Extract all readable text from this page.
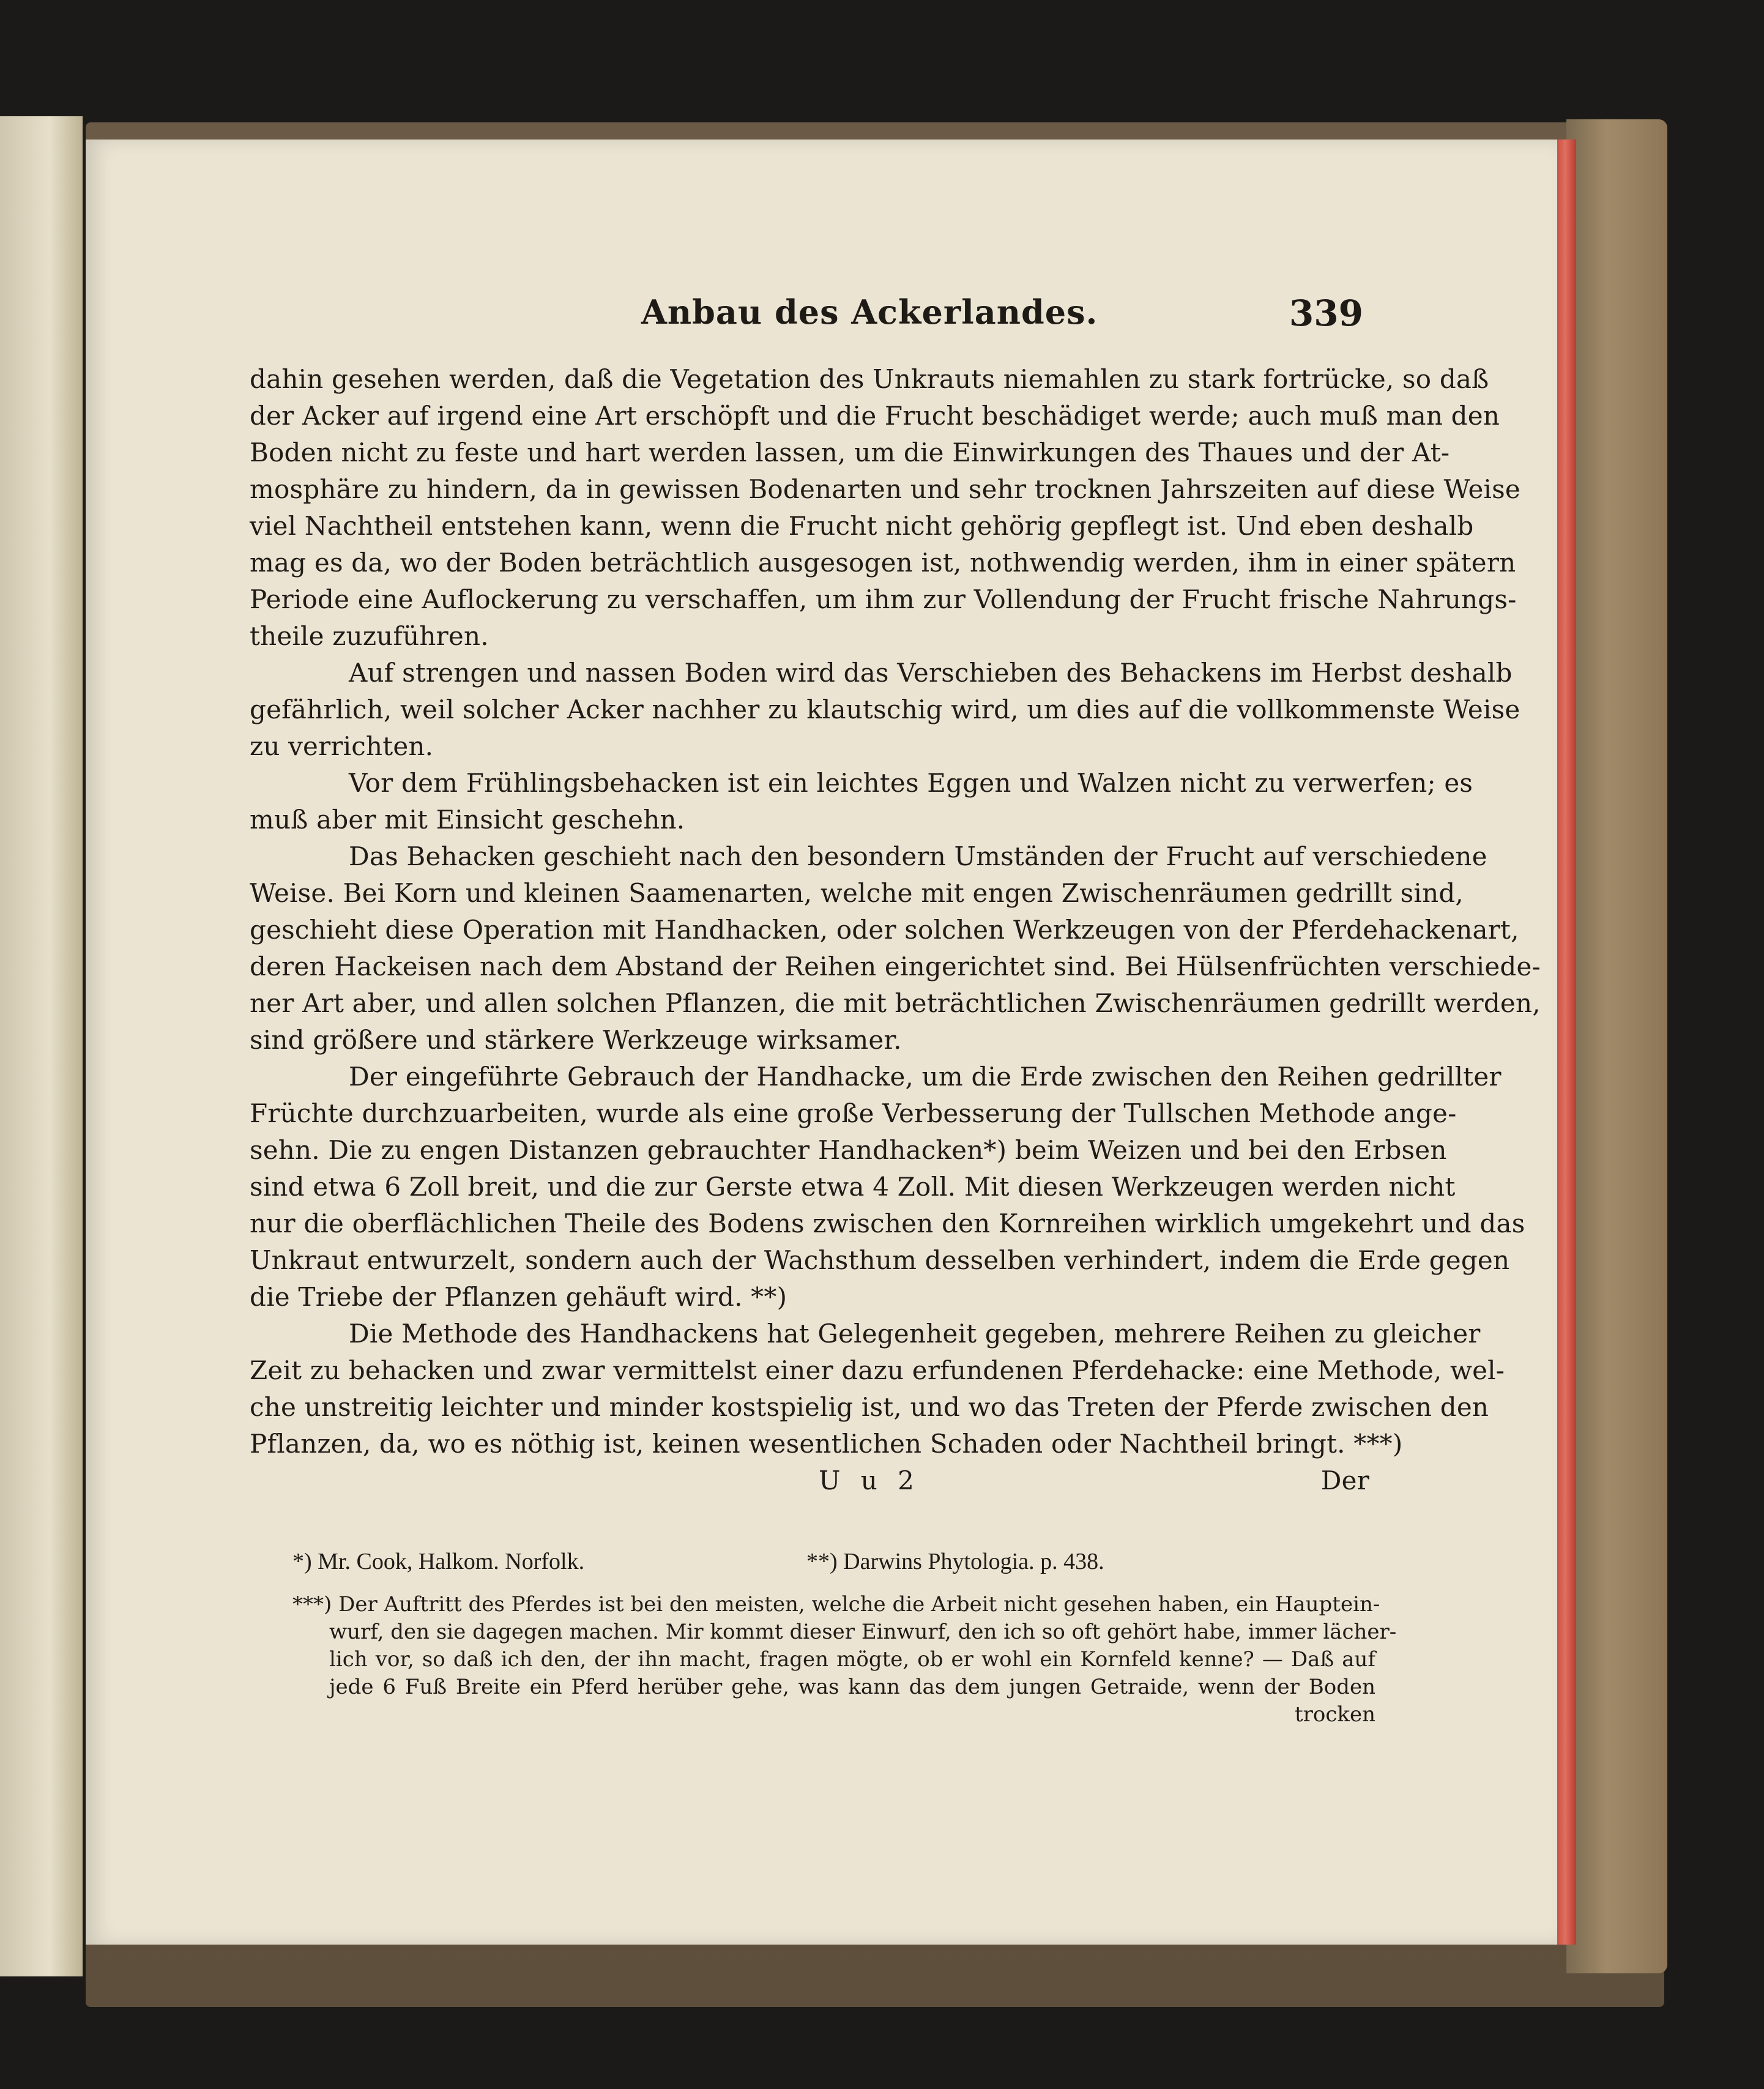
Anbau des Ackerlandes.	339
dahin gesehen werden, daß die Vegetation des Unkrauts niemahlen zu stark fortrücke, so daß
der Acker auf irgend eine Art erschöpft und die Frucht beschädiget werde; auch muß man den
Boden nicht zu feste und hart werden lassen, um die Einwirkungen des Thaues und der At-
mosphäre zu hindern, da in gewissen Bodenarten und sehr trocknen Jahrszeiten auf diese Weise
viel Nachtheil entstehen kann, wenn die Frucht nicht gehörig gepflegt ist. Und eben deshalb
mag es da, wo der Boden beträchtlich ausgesogen ist, nothwendig werden, ihm in einer spätern
Periode eine Auflockerung zu verschaffen, um ihm zur Vollendung der Frucht frische Nahrungs-
theile zuzuführen.
Auf strengen und nassen Boden wird das Verschieben des Behackens im Herbst deshalb
gefährlich, weil solcher Acker nachher zu klautschig wird, um dies auf die vollkommenste Weise
zu verrichten.
Vor dem Frühlingsbehacken ist ein leichtes Eggen und Walzen nicht zu verwerfen; es
muß aber mit Einsicht geschehn.
Das Behacken geschieht nach den besondern Umständen der Frucht auf verschiedene
Weise. Bei Korn und kleinen Saamenarten, welche mit engen Zwischenräumen gedrillt sind,
geschieht diese Operation mit Handhacken, oder solchen Werkzeugen von der Pferdehackenart,
deren Hackeisen nach dem Abstand der Reihen eingerichtet sind. Bei Hülsenfrüchten verschiede-
ner Art aber, und allen solchen Pflanzen, die mit beträchtlichen Zwischenräumen gedrillt werden,
sind größere und stärkere Werkzeuge wirksamer.
Der eingeführte Gebrauch der Handhacke, um die Erde zwischen den Reihen gedrillter
Früchte durchzuarbeiten, wurde als eine große Verbesserung der Tullschen Methode ange-
sehn. Die zu engen Distanzen gebrauchter Handhacken*) beim Weizen und bei den Erbsen
sind etwa 6 Zoll breit, und die zur Gerste etwa 4 Zoll. Mit diesen Werkzeugen werden nicht
nur die oberflächlichen Theile des Bodens zwischen den Kornreihen wirklich umgekehrt und das
Unkraut entwurzelt, sondern auch der Wachsthum desselben verhindert, indem die Erde gegen
die Triebe der Pflanzen gehäuft wird. **)
Die Methode des Handhackens hat Gelegenheit gegeben, mehrere Reihen zu gleicher
Zeit zu behacken und zwar vermittelst einer dazu erfundenen Pferdehacke: eine Methode, wel-
che unstreitig leichter und minder kostspielig ist, und wo das Treten der Pferde zwischen den
Pflanzen, da, wo es nöthig ist, keinen wesentlichen Schaden oder Nachtheil bringt. ***)
U u 2	Der
*) Mr. Cook, Halkom. Norfolk.	**) Darwins Phytologia. p. 438.
***) Der Auftritt des Pferdes ist bei den meisten, welche die Arbeit nicht gesehen haben, ein Hauptein-
wurf, den sie dagegen machen. Mir kommt dieser Einwurf, den ich so oft gehört habe, immer lächer-
lich vor, so daß ich den, der ihn macht, fragen mögte, ob er wohl ein Kornfeld kenne? — Daß auf
jede 6 Fuß Breite ein Pferd herüber gehe, was kann das dem jungen Getraide, wenn der Boden
trocken
